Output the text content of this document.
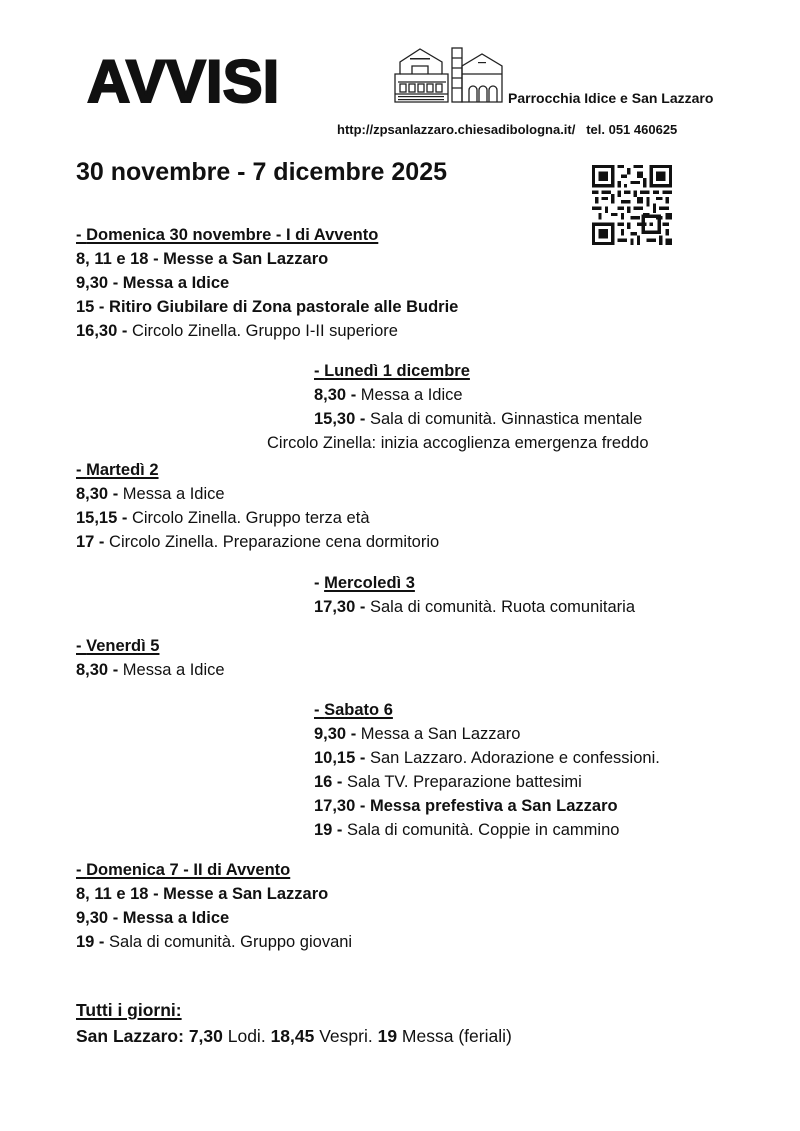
AVVISI	Parrocchia Idice e San Lazzaro
http://zpsanlazzaro.chiesadibologna.it/ tel. 051 460625
30 novembre - 7 dicembre 2025
- Domenica 30 novembre - I di Avvento
8, 11 e 18 - Messe a San Lazzaro
9,30 - Messa a Idice
15 - Ritiro Giubilare di Zona pastorale alle Budrie
16,30 - Circolo Zinella. Gruppo I-II superiore
- Lunedì 1 dicembre
8,30 - Messa a Idice
15,30 - Sala di comunità. Ginnastica mentale
Circolo Zinella: inizia accoglienza emergenza freddo
- Martedì 2
8,30 - Messa a Idice
15,15 - Circolo Zinella. Gruppo terza età
17 - Circolo Zinella. Preparazione cena dormitorio
- Mercoledì 3
17,30 - Sala di comunità. Ruota comunitaria
- Venerdì 5
8,30 - Messa a Idice
- Sabato 6
9,30 - Messa a San Lazzaro
10,15 - San Lazzaro. Adorazione e confessioni.
16 - Sala TV. Preparazione battesimi
17,30 - Messa prefestiva a San Lazzaro
19 - Sala di comunità. Coppie in cammino
- Domenica 7 - II di Avvento
8, 11 e 18 - Messe a San Lazzaro
9,30 - Messa a Idice
19 - Sala di comunità. Gruppo giovani
Tutti i giorni:
San Lazzaro: 7,30 Lodi. 18,45 Vespri. 19 Messa (feriali)
